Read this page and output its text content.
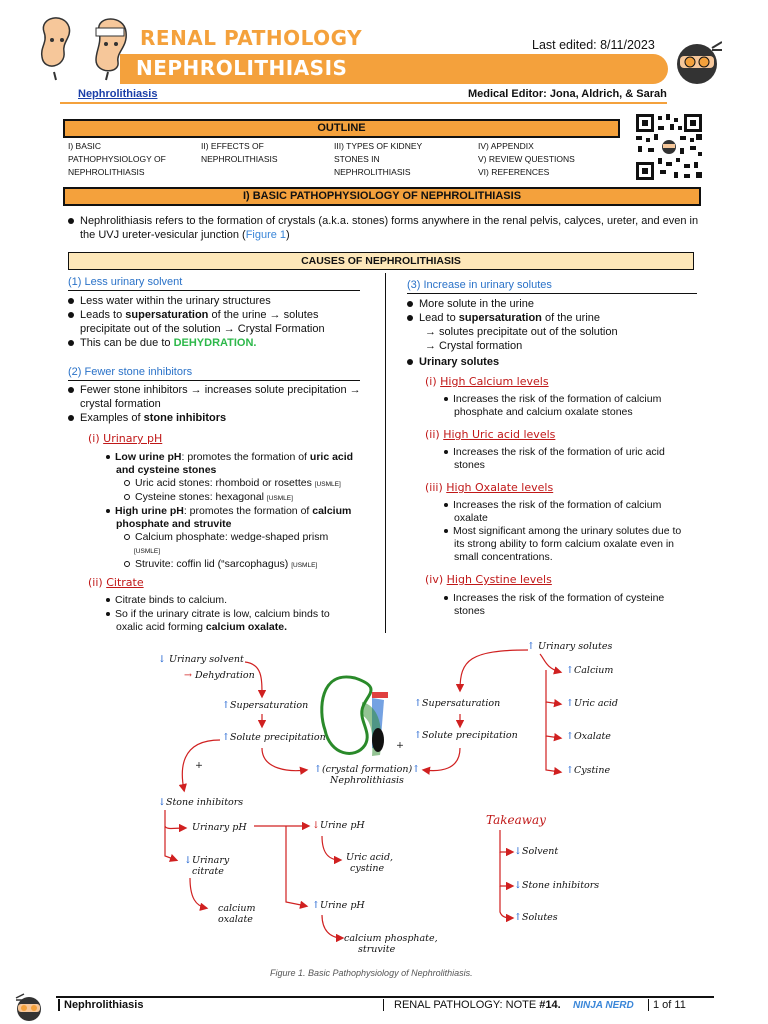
RENAL PATHOLOGY
NEPHROLITHIASIS
Last edited: 8/11/2023
Nephrolithiasis	Medical Editor: Jona, Aldrich, & Sarah
OUTLINE
I) BASIC
PATHOPHYSIOLOGY OF
NEPHROLITHIASIS
II) EFFECTS OF
NEPHROLITHIASIS
III) TYPES OF KIDNEY
STONES IN
NEPHROLITHIASIS
IV) APPENDIX
V) REVIEW QUESTIONS
VI) REFERENCES
I) BASIC PATHOPHYSIOLOGY OF NEPHROLITHIASIS
Nephrolithiasis refers to the formation of crystals (a.k.a. stones) forms anywhere in the renal pelvis, calyces, ureter, and even in
the UVJ ureter-vesicular junction (Figure 1)
CAUSES OF NEPHROLITHIASIS
(1) Less urinary solvent
Less water within the urinary structures
Leads to supersaturation of the urine → solutes
precipitate out of the solution → Crystal Formation
This can be due to DEHYDRATION.
(2) Fewer stone inhibitors
Fewer stone inhibitors → increases solute precipitation →
crystal formation
Examples of stone inhibitors
(i) Urinary pH
Low urine pH: promotes the formation of uric acid
and cysteine stones
Uric acid stones: rhomboid or rosettes [USMLE]
Cysteine stones: hexagonal [USMLE]
High urine pH: promotes the formation of calcium
phosphate and struvite
Calcium phosphate: wedge-shaped prism
[USMLE]
Struvite: coffin lid (“sarcophagus) [USMLE]
(ii) Citrate
Citrate binds to calcium.
So if the urinary citrate is low, calcium binds to
oxalic acid forming calcium oxalate.
(3) Increase in urinary solutes
More solute in the urine
Lead to supersaturation of the urine
→ solutes precipitate out of the solution
→ Crystal formation
Urinary solutes
(i) High Calcium levels
Increases the risk of the formation of calcium
phosphate and calcium oxalate stones
(ii) High Uric acid levels
Increases the risk of the formation of uric acid
stones
(iii) High Oxalate levels
Increases the risk of the formation of calcium
oxalate
Most significant among the urinary solutes due to
its strong ability to form calcium oxalate even in
small concentrations.
(iv) High Cystine levels
Increases the risk of the formation of cysteine
stones
↓ Urinary solvent
→ Dehydration
↑Supersaturation
↑Solute precipitation
+
+
↑(crystal formation)↑
Nephrolithiasis
↑Supersaturation
↑Solute precipitation
↑ Urinary solutes
↑Calcium
↑Uric acid
↑Oxalate
↑Cystine
↓Stone inhibitors
Urinary pH	↓Urine pH
Uric acid,
cystine
↓Urinary
citrate
calcium
oxalate
↑Urine pH
calcium phosphate,
struvite
Takeaway
↓Solvent
↓Stone inhibitors
↑Solutes
Figure 1. Basic Pathophysiology of Nephrolithiasis.
Nephrolithiasis	RENAL PATHOLOGY: NOTE #14. NINJA NERD	1 of 11
